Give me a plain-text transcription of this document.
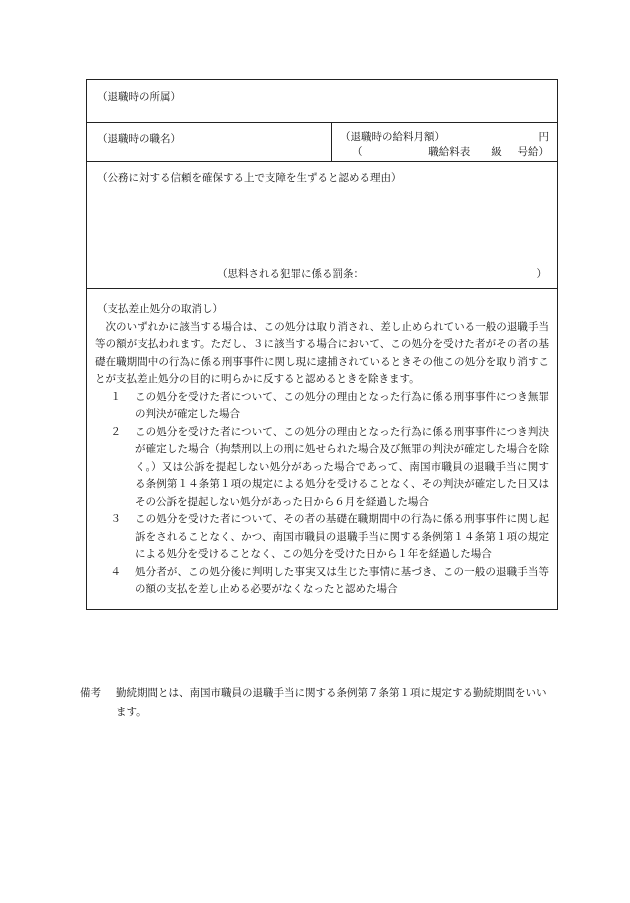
（退職時の所属）
（退職時の職名）	（退職時の給料月額）	円
（	職給料表	級	号給）
（公務に対する信頼を確保する上で支障を生ずると認める理由）
（思料される犯罪に係る罰条：	）

（支払差止処分の取消し）

次のいずれかに該当する場合は、この処分は取り消され、差し止められている一般の退職手当等の額が支払われます。ただし、３に該当する場合において、この処分を受けた者がその者の基礎在職期間中の行為に係る刑事事件に関し現に逮捕されているときその他この処分を取り消すことが支払差止処分の目的に明らかに反すると認めるときを除きます。

１	この処分を受けた者について、この処分の理由となった行為に係る刑事事件につき無罪の判決が確定した場合
２	この処分を受けた者について、この処分の理由となった行為に係る刑事事件につき判決が確定した場合（拘禁刑以上の刑に処せられた場合及び無罪の判決が確定した場合を除く。）又は公訴を提起しない処分があった場合であって、南国市職員の退職手当に関する条例第１４条第１項の規定による処分を受けることなく、その判決が確定した日又はその公訴を提起しない処分があった日から６月を経過した場合
３	この処分を受けた者について、その者の基礎在職期間中の行為に係る刑事事件に関し起訴をされることなく、かつ、南国市職員の退職手当に関する条例第１４条第１項の規定による処分を受けることなく、この処分を受けた日から１年を経過した場合
４	処分者が、この処分後に判明した事実又は生じた事情に基づき、この一般の退職手当等の額の支払を差し止める必要がなくなったと認めた場合
備考	勤続期間とは、南国市職員の退職手当に関する条例第７条第１項に規定する勤続期間をいいます。
